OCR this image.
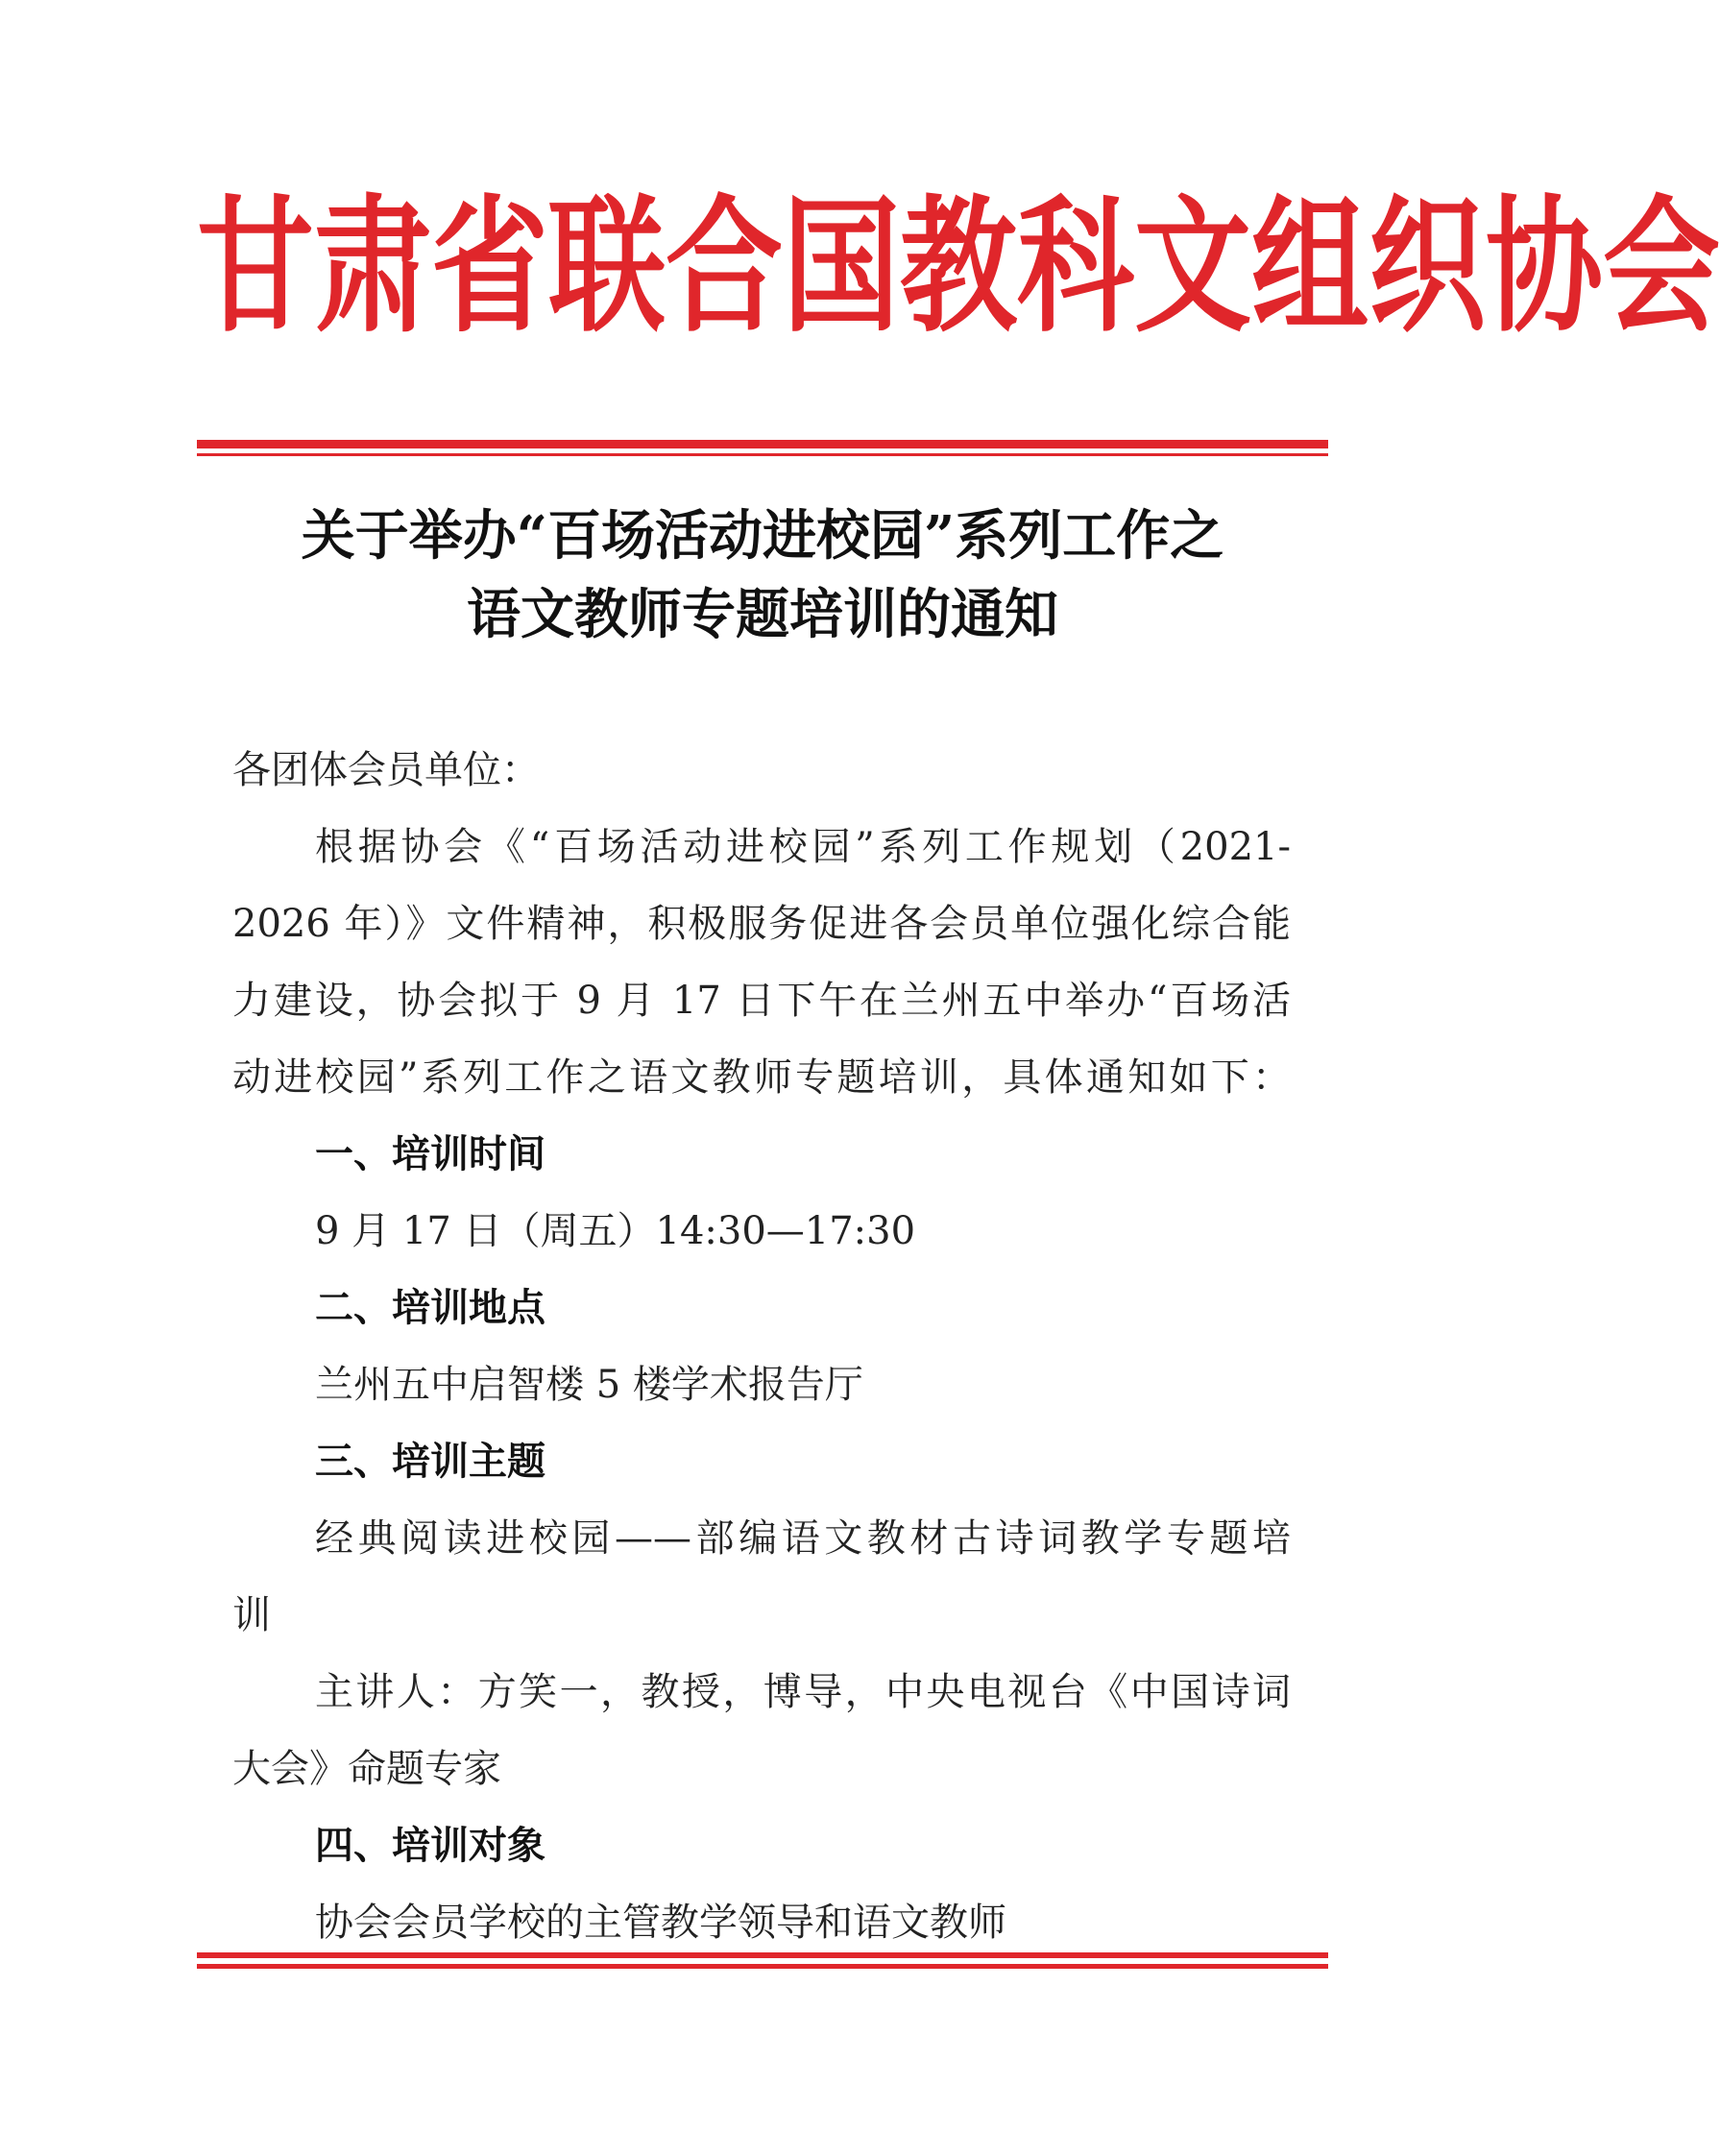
甘 肃 省 联 合 国 教 科 文 组 织 协 会
关于举办“百场活动进校园”系列工作之
语文教师专题培训的通知
各团体会员单位：
根据协会《“百场活动进校园”系列工作规划（2021-
2026 年）》文件精神，积极服务促进各会员单位强化综合能
力建设，协会拟于 9 月 17 日下午在兰州五中举办“百场活
动进校园”系列工作之语文教师专题培训，具体通知如下：
一、培训时间
9 月 17 日（周五）14:30—17:30
二、培训地点
兰州五中启智楼 5 楼学术报告厅
三、培训主题
经典阅读进校园——部编语文教材古诗词教学专题培
训
主讲人：方笑一，教授，博导，中央电视台《中国诗词
大会》命题专家
四、培训对象
协会会员学校的主管教学领导和语文教师
